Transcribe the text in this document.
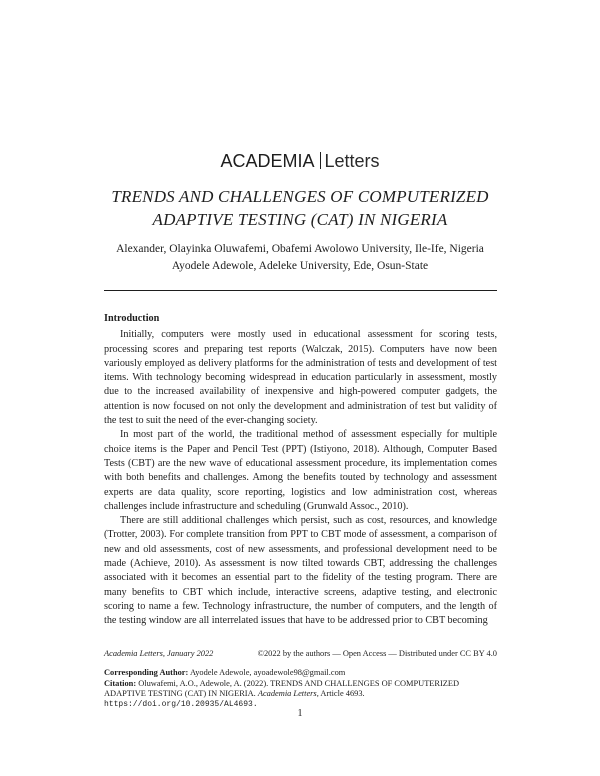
ACADEMIA Letters
TRENDS AND CHALLENGES OF COMPUTERIZED
ADAPTIVE TESTING (CAT) IN NIGERIA
Alexander, Olayinka Oluwafemi, Obafemi Awolowo University, Ile-Ife, Nigeria
Ayodele Adewole, Adeleke University, Ede, Osun-State
Introduction

Initially, computers were mostly used in educational assessment for scoring tests, processing scores and preparing test reports (Walczak, 2015). Computers have now been variously employed as delivery platforms for the administration of tests and development of test items. With technology becoming widespread in education particularly in assessment, mostly due to the increased availability of inexpensive and high-powered computer gadgets, the attention is now focused on not only the development and administration of test but validity of the test to suit the need of the ever-changing society.

In most part of the world, the traditional method of assessment especially for multiple choice items is the Paper and Pencil Test (PPT) (Istiyono, 2018). Although, Computer Based Tests (CBT) are the new wave of educational assessment procedure, its implementation comes with both benefits and challenges. Among the benefits touted by technology and assessment experts are data quality, score reporting, logistics and low administration cost, whereas challenges include infrastructure and scheduling (Grunwald Assoc., 2010).

There are still additional challenges which persist, such as cost, resources, and knowledge (Trotter, 2003). For complete transition from PPT to CBT mode of assessment, a comparison of new and old assessments, cost of new assessments, and professional development need to be made (Achieve, 2010). As assessment is now tilted towards CBT, addressing the challenges associated with it becomes an essential part to the fidelity of the testing program. There are many benefits to CBT which include, interactive screens, adaptive testing, and electronic scoring to name a few. Technology infrastructure, the number of computers, and the length of the testing window are all interrelated issues that have to be addressed prior to CBT becoming

Academia Letters, January 2022	©2022 by the authors — Open Access — Distributed under CC BY 4.0
Corresponding Author: Ayodele Adewole, ayoadewole98@gmail.com
Citation: Oluwafemi, A.O., Adewole, A. (2022). TRENDS AND CHALLENGES OF COMPUTERIZED ADAPTIVE TESTING (CAT) IN NIGERIA. Academia Letters, Article 4693.
https://doi.org/10.20935/AL4693.
1
